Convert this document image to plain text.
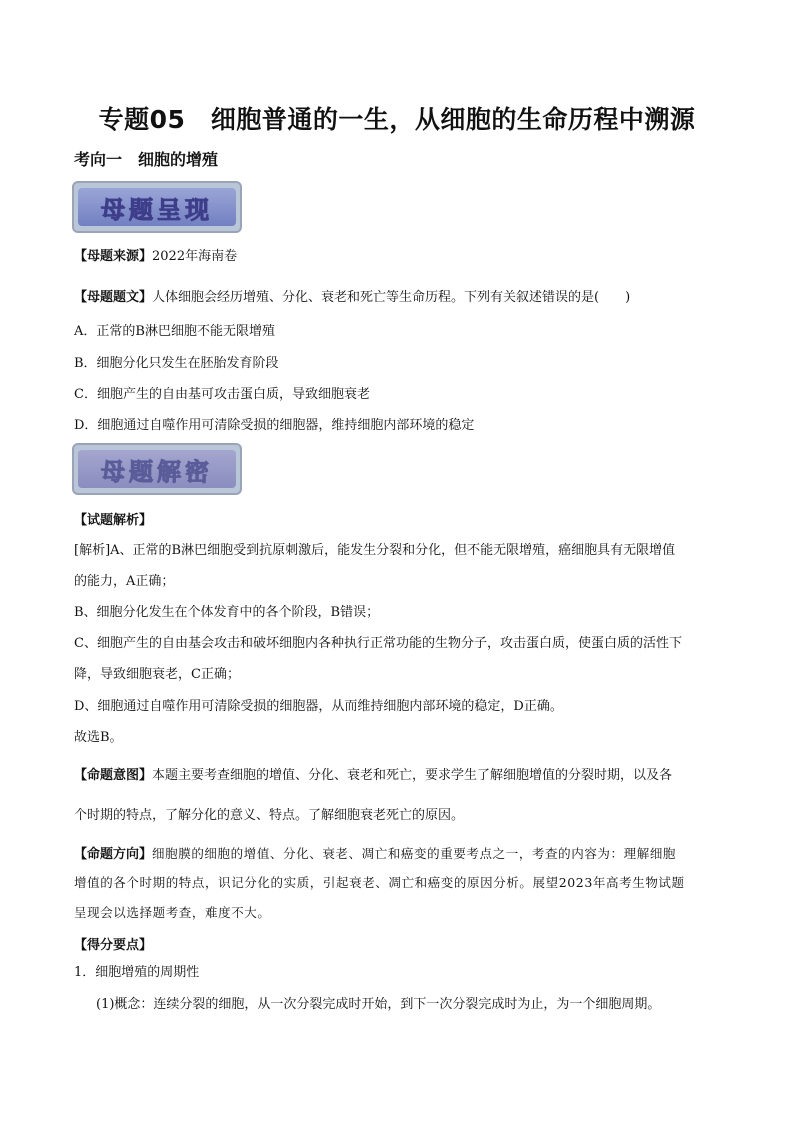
专题05　细胞普通的一生，从细胞的生命历程中溯源
考向一　细胞的增殖
母题呈现
【母题来源】2022年海南卷
【母题题文】人体细胞会经历增殖、分化、衰老和死亡等生命历程。下列有关叙述错误的是(　　)
A．正常的B淋巴细胞不能无限增殖
B．细胞分化只发生在胚胎发育阶段
C．细胞产生的自由基可攻击蛋白质，导致细胞衰老
D．细胞通过自噬作用可清除受损的细胞器，维持细胞内部环境的稳定
母题解密
【试题解析】
[解析]A、正常的B淋巴细胞受到抗原刺激后，能发生分裂和分化，但不能无限增殖，癌细胞具有无限增值
的能力，A正确；
B、细胞分化发生在个体发育中的各个阶段，B错误；
C、细胞产生的自由基会攻击和破坏细胞内各种执行正常功能的生物分子，攻击蛋白质，使蛋白质的活性下
降，导致细胞衰老，C正确；
D、细胞通过自噬作用可清除受损的细胞器，从而维持细胞内部环境的稳定，D正确。
故选B。
【命题意图】本题主要考查细胞的增值、分化、衰老和死亡，要求学生了解细胞增值的分裂时期，以及各
个时期的特点，了解分化的意义、特点。了解细胞衰老死亡的原因。
【命题方向】细胞膜的细胞的增值、分化、衰老、凋亡和癌变的重要考点之一，考查的内容为：理解细胞
增值的各个时期的特点，识记分化的实质，引起衰老、凋亡和癌变的原因分析。展望2023年高考生物试题
呈现会以选择题考查，难度不大。
【得分要点】
1．细胞增殖的周期性
(1)概念：连续分裂的细胞，从一次分裂完成时开始，到下一次分裂完成时为止，为一个细胞周期。
